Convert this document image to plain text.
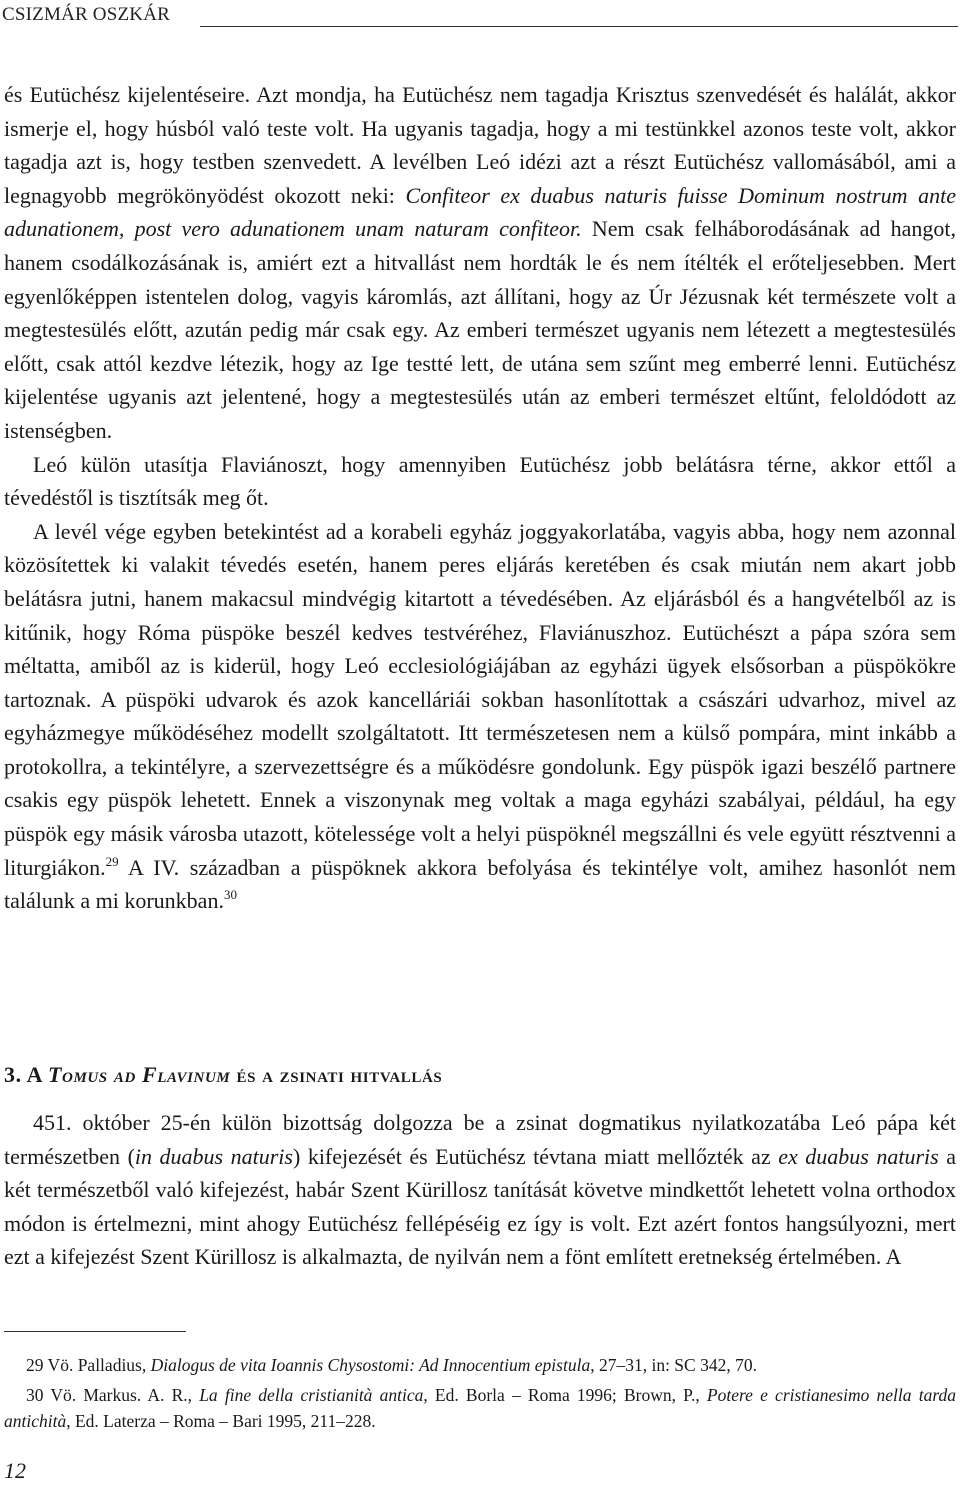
CSIZMÁR OSZKÁR

és Eutüchész kijelentéseire. Azt mondja, ha Eutüchész nem tagadja Krisztus szenvedését és halálát, akkor ismerje el, hogy húsból való teste volt. Ha ugyanis tagadja, hogy a mi testünkkel azonos teste volt, akkor tagadja azt is, hogy testben szenvedett. A levélben Leó idézi azt a részt Eutüchész vallomásából, ami a legnagyobb megrökönyödést okozott neki: Confiteor ex duabus naturis fuisse Dominum nostrum ante adunationem, post vero adunationem unam naturam confiteor. Nem csak felháborodásának ad hangot, hanem csodálkozásának is, amiért ezt a hitvallást nem hordták le és nem ítélték el erőteljesebben. Mert egyenlőképpen istentelen dolog, vagyis káromlás, azt állítani, hogy az Úr Jézusnak két természete volt a megtestesülés előtt, azután pedig már csak egy. Az emberi természet ugyanis nem létezett a megtestesülés előtt, csak attól kezdve létezik, hogy az Ige testté lett, de utána sem szűnt meg emberré lenni. Eutüchész kijelentése ugyanis azt jelentené, hogy a megtestesülés után az emberi természet eltűnt, feloldódott az istenségben.

Leó külön utasítja Flaviánoszt, hogy amennyiben Eutüchész jobb belátásra térne, akkor ettől a tévedéstől is tisztítsák meg őt.

A levél vége egyben betekintést ad a korabeli egyház joggyakorlatába, vagyis abba, hogy nem azonnal közösítettek ki valakit tévedés esetén, hanem peres eljárás keretében és csak miután nem akart jobb belátásra jutni, hanem makacsul mindvégig kitartott a tévedésében. Az eljárásból és a hangvételből az is kitűnik, hogy Róma püspöke beszél kedves testvéréhez, Flaviánuszhoz. Eutüchészt a pápa szóra sem méltatta, amiből az is kiderül, hogy Leó ecclesiológiájában az egyházi ügyek elsősorban a püspökökre tartoznak. A püspöki udvarok és azok kancelláriái sokban hasonlítottak a császári udvarhoz, mivel az egyházmegye működéséhez modellt szolgáltatott. Itt természetesen nem a külső pompára, mint inkább a protokollra, a tekintélyre, a szervezettségre és a működésre gondolunk. Egy püspök igazi beszélő partnere csakis egy püspök lehetett. Ennek a viszonynak meg voltak a maga egyházi szabályai, például, ha egy püspök egy másik városba utazott, kötelessége volt a helyi püspöknél megszállni és vele együtt résztvenni a liturgiákon.$^{29}$ A IV. században a püspöknek akkora befolyása és tekintélye volt, amihez hasonlót nem találunk a mi korunkban.$^{30}$

3. A Tomus ad Flavinum és a zsinati hitvallás

451. október 25-én külön bizottság dolgozza be a zsinat dogmatikus nyilatkozatába Leó pápa két természetben (in duabus naturis) kifejezését és Eutüchész tévtana miatt mellőzték az ex duabus naturis a két természetből való kifejezést, habár Szent Kürillosz tanítását követve mindkettőt lehetett volna orthodox módon is értelmezni, mint ahogy Eutüchész fellépéséig ez így is volt. Ezt azért fontos hangsúlyozni, mert ezt a kifejezést Szent Kürillosz is alkalmazta, de nyilván nem a fönt említett eretnekség értelmében. A

29 Vö. Palladius, Dialogus de vita Ioannis Chysostomi: Ad Innocentium epistula, 27–31, in: SC 342, 70.

30 Vö. Markus. A. R., La fine della cristianità antica, Ed. Borla – Roma 1996; Brown, P., Potere e cristianesimo nella tarda antichità, Ed. Laterza – Roma – Bari 1995, 211–228.

12
